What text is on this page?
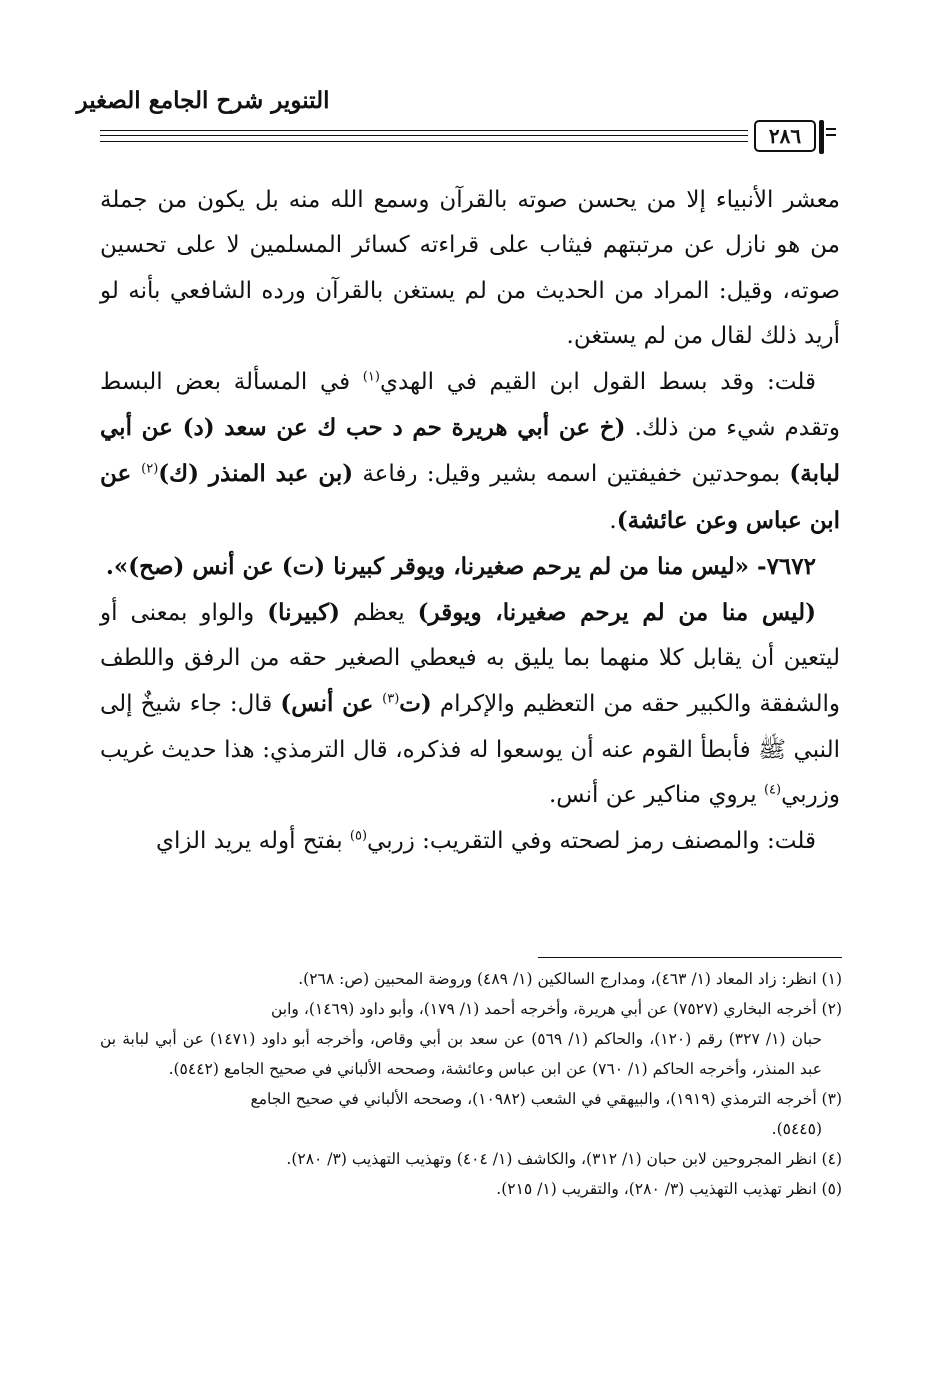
التنوير شرح الجامع الصغير
٢٨٦

معشر الأنبياء إلا من يحسن صوته بالقرآن وسمع الله منه بل يكون من جملة من هو نازل عن مرتبتهم فيثاب على قراءته كسائر المسلمين لا على تحسين صوته، وقيل: المراد من الحديث من لم يستغن بالقرآن ورده الشافعي بأنه لو أريد ذلك لقال من لم يستغن.

قلت: وقد بسط القول ابن القيم في الهدي$^{(١)}$ في المسألة بعض البسط وتقدم شيء من ذلك. (خ عن أبي هريرة حم د حب ك عن سعد (د) عن أبي لبابة) بموحدتين خفيفتين اسمه بشير وقيل: رفاعة (بن عبد المنذر (ك)$^{(٢)}$ عن ابن عباس وعن عائشة).

٧٦٧٢- «ليس منا من لم يرحم صغيرنا، ويوقر كبيرنا (ت) عن أنس (صح)».

(ليس منا من لم يرحم صغيرنا، ويوقر) يعظم (كبيرنا) والواو بمعنى أو ليتعين أن يقابل كلا منهما بما يليق به فيعطي الصغير حقه من الرفق واللطف والشفقة والكبير حقه من التعظيم والإكرام (ت$^{(٣)}$ عن أنس) قال: جاء شيخٌ إلى النبي ﷺ فأبطأ القوم عنه أن يوسعوا له فذكره، قال الترمذي: هذا حديث غريب وزربي$^{(٤)}$ يروي مناكير عن أنس.

قلت: والمصنف رمز لصحته وفي التقريب: زربي$^{(٥)}$ بفتح أوله يريد الزاي

(١) انظر: زاد المعاد (١/ ٤٦٣)، ومدارج السالكين (١/ ٤٨٩) وروضة المحبين (ص: ٢٦٨).

(٢) أخرجه البخاري (٧٥٢٧) عن أبي هريرة، وأخرجه أحمد (١/ ١٧٩)، وأبو داود (١٤٦٩)، وابن

حبان (١/ ٣٢٧) رقم (١٢٠)، والحاكم (١/ ٥٦٩) عن سعد بن أبي وقاص، وأخرجه أبو داود (١٤٧١) عن أبي لبابة بن عبد المنذر، وأخرجه الحاكم (١/ ٧٦٠) عن ابن عباس وعائشة، وصححه الألباني في صحيح الجامع (٥٤٤٢).

(٣) أخرجه الترمذي (١٩١٩)، والبيهقي في الشعب (١٠٩٨٢)، وصححه الألباني في صحيح الجامع

(٥٤٤٥).

(٤) انظر المجروحين لابن حبان (١/ ٣١٢)، والكاشف (١/ ٤٠٤) وتهذيب التهذيب (٣/ ٢٨٠).

(٥) انظر تهذيب التهذيب (٣/ ٢٨٠)، والتقريب (١/ ٢١٥).
